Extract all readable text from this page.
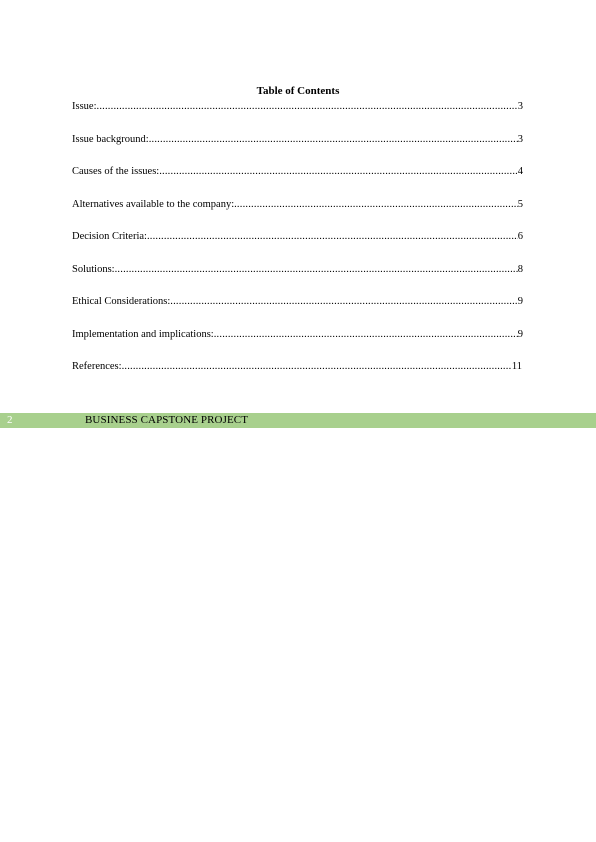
Table of Contents
Issue: .....	3
Issue background: .....	3
Causes of the issues: .....	4
Alternatives available to the company: .....	5
Decision Criteria: .....	6
Solutions: .....	8
Ethical Considerations: .....	9
Implementation and implications: .....	9
References: .....	11
2	BUSINESS CAPSTONE PROJECT
